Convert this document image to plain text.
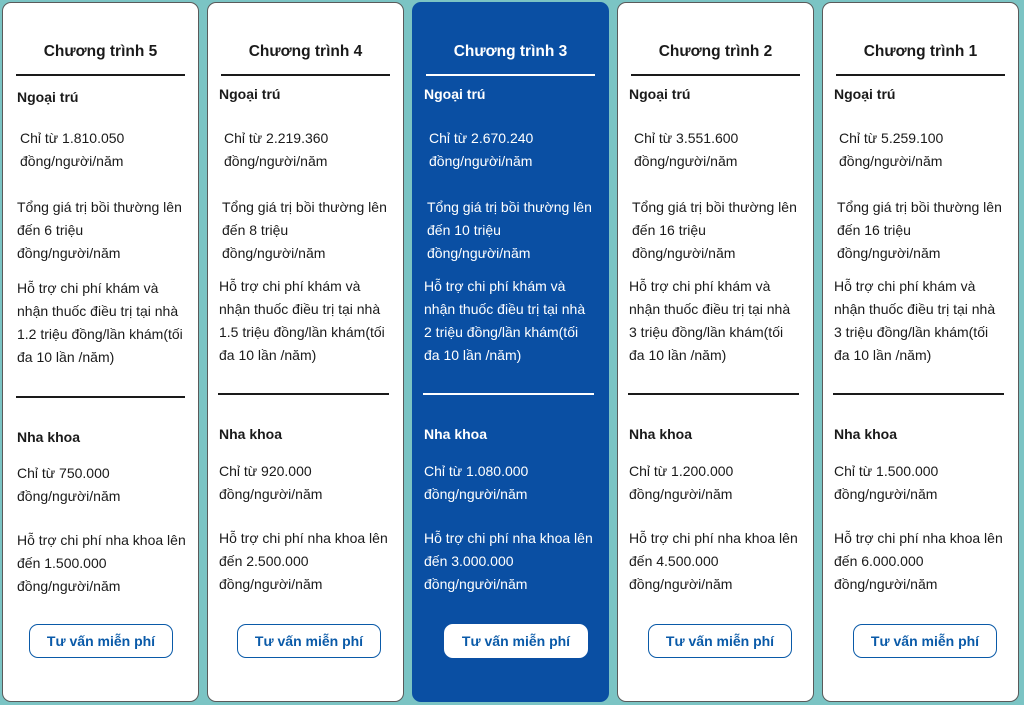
Chương trình 5
Ngoại trú
Chỉ từ 1.810.050
đồng/người/năm
Tổng giá trị bồi thường lên
đến 6 triệu
đồng/người/năm
Hỗ trợ chi phí khám và
nhận thuốc điều trị tại nhà
1.2 triệu đồng/lần khám(tối
đa 10 lần /năm)
Nha khoa
Chỉ từ 750.000
đồng/người/năm
Hỗ trợ chi phí nha khoa lên
đến 1.500.000
đồng/người/năm
Tư vấn miễn phí
Chương trình 4
Ngoại trú
Chỉ từ 2.219.360
đồng/người/năm
Tổng giá trị bồi thường lên
đến 8 triệu
đồng/người/năm
Hỗ trợ chi phí khám và
nhận thuốc điều trị tại nhà
1.5 triệu đồng/lần khám(tối
đa 10 lần /năm)
Nha khoa
Chỉ từ 920.000
đồng/người/năm
Hỗ trợ chi phí nha khoa lên
đến 2.500.000
đồng/người/năm
Tư vấn miễn phí
Chương trình 3
Ngoại trú
Chỉ từ 2.670.240
đồng/người/năm
Tổng giá trị bồi thường lên
đến 10 triệu
đồng/người/năm
Hỗ trợ chi phí khám và
nhận thuốc điều trị tại nhà
2 triệu đồng/lần khám(tối
đa 10 lần /năm)
Nha khoa
Chỉ từ 1.080.000
đồng/người/năm
Hỗ trợ chi phí nha khoa lên
đến 3.000.000
đồng/người/năm
Tư vấn miễn phí
Chương trình 2
Ngoại trú
Chỉ từ 3.551.600
đồng/người/năm
Tổng giá trị bồi thường lên
đến 16 triệu
đồng/người/năm
Hỗ trợ chi phí khám và
nhận thuốc điều trị tại nhà
3 triệu đồng/lần khám(tối
đa 10 lần /năm)
Nha khoa
Chỉ từ 1.200.000
đồng/người/năm
Hỗ trợ chi phí nha khoa lên
đến 4.500.000
đồng/người/năm
Tư vấn miễn phí
Chương trình 1
Ngoại trú
Chỉ từ 5.259.100
đồng/người/năm
Tổng giá trị bồi thường lên
đến 16 triệu
đồng/người/năm
Hỗ trợ chi phí khám và
nhận thuốc điều trị tại nhà
3 triệu đồng/lần khám(tối
đa 10 lần /năm)
Nha khoa
Chỉ từ 1.500.000
đồng/người/năm
Hỗ trợ chi phí nha khoa lên
đến 6.000.000
đồng/người/năm
Tư vấn miễn phí
